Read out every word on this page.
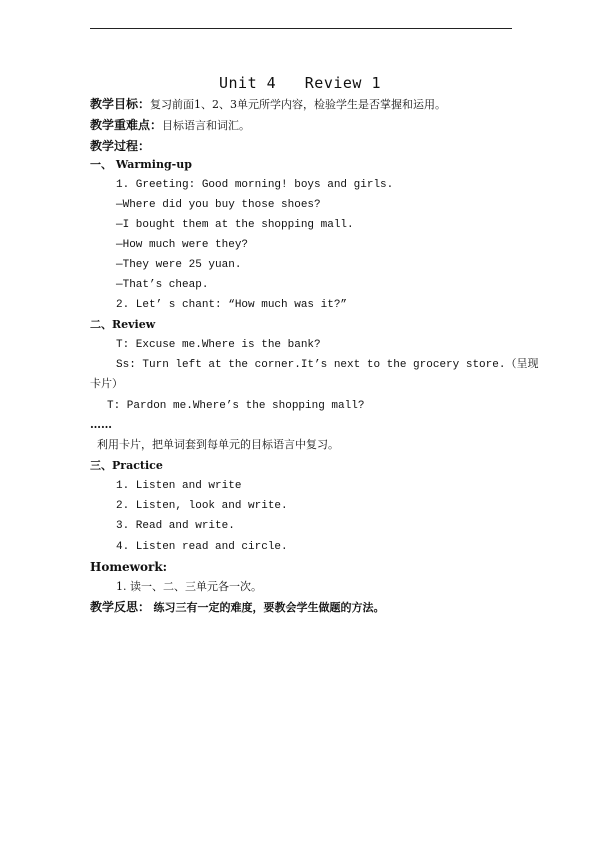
Unit 4   Review 1
教学目标：复习前面1、2、3单元所学内容，检验学生是否掌握和运用。
教学重难点：目标语言和词汇。
教学过程：
一、 Warming-up
1. Greeting: Good morning! boys and girls.
—Where did you buy those shoes?
—I bought them at the shopping mall.
—How much were they?
—They were 25 yuan.
—That’s cheap.
2. Let’ s chant: “How much was it?”
二、Review
T: Excuse me.Where is the bank?
Ss: Turn left at the corner.It’s next to the grocery store.（呈现
卡片）
T: Pardon me.Where’s the shopping mall?
……
利用卡片，把单词套到每单元的目标语言中复习。
三、Practice
1. Listen and write
2. Listen, look and write.
3. Read and write.
4. Listen read and circle.
Homework:
1. 读一、二、三单元各一次。
教学反思： 练习三有一定的难度，要教会学生做题的方法。
